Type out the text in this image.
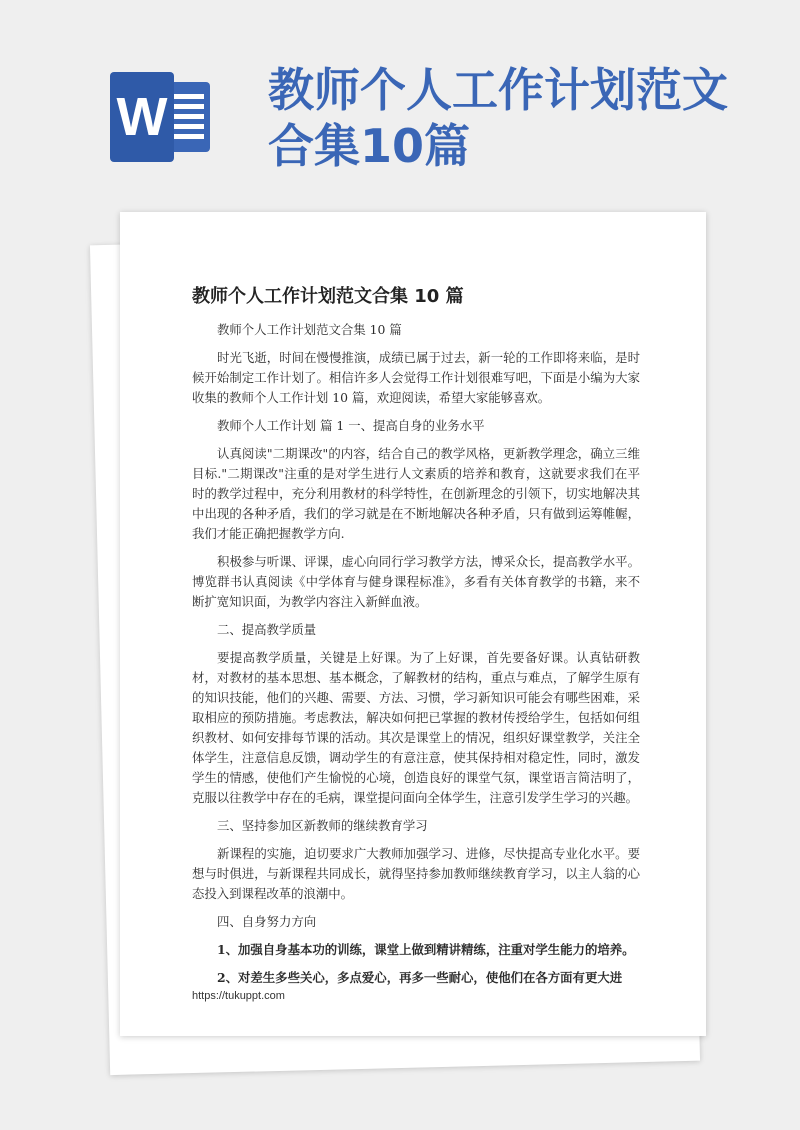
W 教师个人工作计划范文合集10篇
教师个人工作计划范文合集 10 篇

教师个人工作计划范文合集 10 篇

时光飞逝，时间在慢慢推演，成绩已属于过去，新一轮的工作即将来临，是时候开始制定工作计划了。相信许多人会觉得工作计划很难写吧，下面是小编为大家收集的教师个人工作计划 10 篇，欢迎阅读，希望大家能够喜欢。

教师个人工作计划 篇 1 一、提高自身的业务水平

认真阅读"二期课改"的内容，结合自己的教学风格，更新教学理念，确立三维目标."二期课改"注重的是对学生进行人文素质的培养和教育，这就要求我们在平时的教学过程中，充分利用教材的科学特性，在创新理念的引领下，切实地解决其中出现的各种矛盾，我们的学习就是在不断地解决各种矛盾，只有做到运筹帷幄，我们才能正确把握教学方向.

积极参与听课、评课，虚心向同行学习教学方法，博采众长，提高教学水平。博览群书认真阅读《中学体育与健身课程标准》，多看有关体育教学的书籍，来不断扩宽知识面，为教学内容注入新鲜血液。

二、提高教学质量

要提高教学质量，关键是上好课。为了上好课，首先要备好课。认真钻研教材，对教材的基本思想、基本概念，了解教材的结构，重点与难点，了解学生原有的知识技能，他们的兴趣、需要、方法、习惯，学习新知识可能会有哪些困难，采取相应的预防措施。考虑教法，解决如何把已掌握的教材传授给学生，包括如何组织教材、如何安排每节课的活动。其次是课堂上的情况，组织好课堂教学，关注全体学生，注意信息反馈，调动学生的有意注意，使其保持相对稳定性，同时，激发学生的情感，使他们产生愉悦的心境，创造良好的课堂气氛，课堂语言简洁明了，克服以往教学中存在的毛病，课堂提问面向全体学生，注意引发学生学习的兴趣。

三、坚持参加区新教师的继续教育学习

新课程的实施，迫切要求广大教师加强学习、进修，尽快提高专业化水平。要想与时俱进，与新课程共同成长，就得坚持参加教师继续教育学习，以主人翁的心态投入到课程改革的浪潮中。

四、自身努力方向

1、加强自身基本功的训练，课堂上做到精讲精练，注重对学生能力的培养。

2、对差生多些关心，多点爱心，再多一些耐心，使他们在各方面有更大进

https://tukuppt.com
